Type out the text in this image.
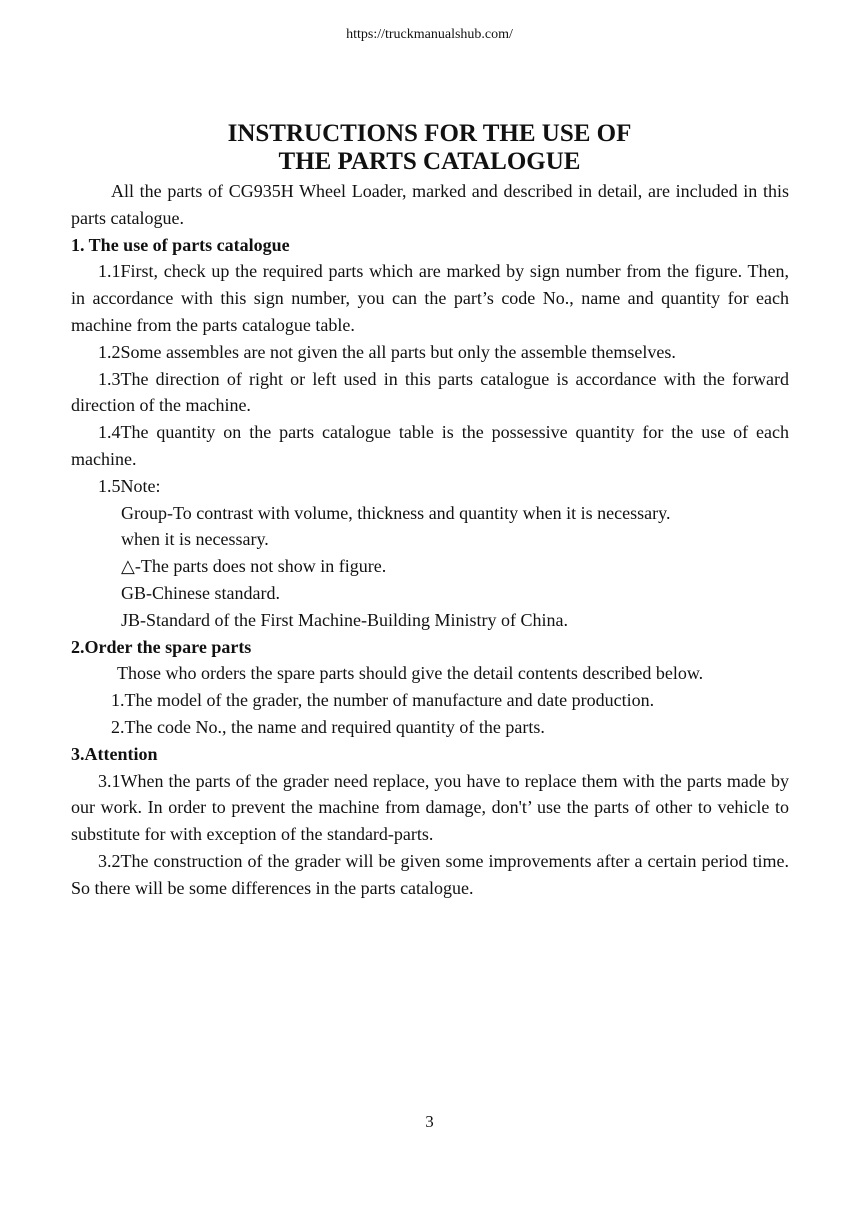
https://truckmanualshub.com/
INSTRUCTIONS FOR THE USE OF
THE PARTS CATALOGUE

All the parts of CG935H Wheel Loader, marked and described in detail, are included in this parts catalogue.

1. The use of parts catalogue

1.1First, check up the required parts which are marked by sign number from the figure. Then, in accordance with this sign number, you can the part’s code No., name and quantity for each machine from the parts catalogue table.

1.2Some assembles are not given the all parts but only the assemble themselves.

1.3The direction of right or left used in this parts catalogue is accordance with the forward direction of the machine.

1.4The quantity on the parts catalogue table is the possessive quantity for the use of each machine.

1.5Note:

Group-To contrast with volume, thickness and quantity when it is necessary.

when it is necessary.

△-The parts does not show in figure.

GB-Chinese standard.

JB-Standard of the First Machine-Building Ministry of China.

2.Order the spare parts

Those who orders the spare parts should give the detail contents described below.

1.The model of the grader, the number of manufacture and date production.

2.The code No., the name and required quantity of the parts.

3.Attention

3.1When the parts of the grader need replace, you have to replace them with the parts made by our work. In order to prevent the machine from damage, don't’ use the parts of other to vehicle to substitute for with exception of the standard-parts.

3.2The construction of the grader will be given some improvements after a certain period time. So there will be some differences in the parts catalogue.

3
